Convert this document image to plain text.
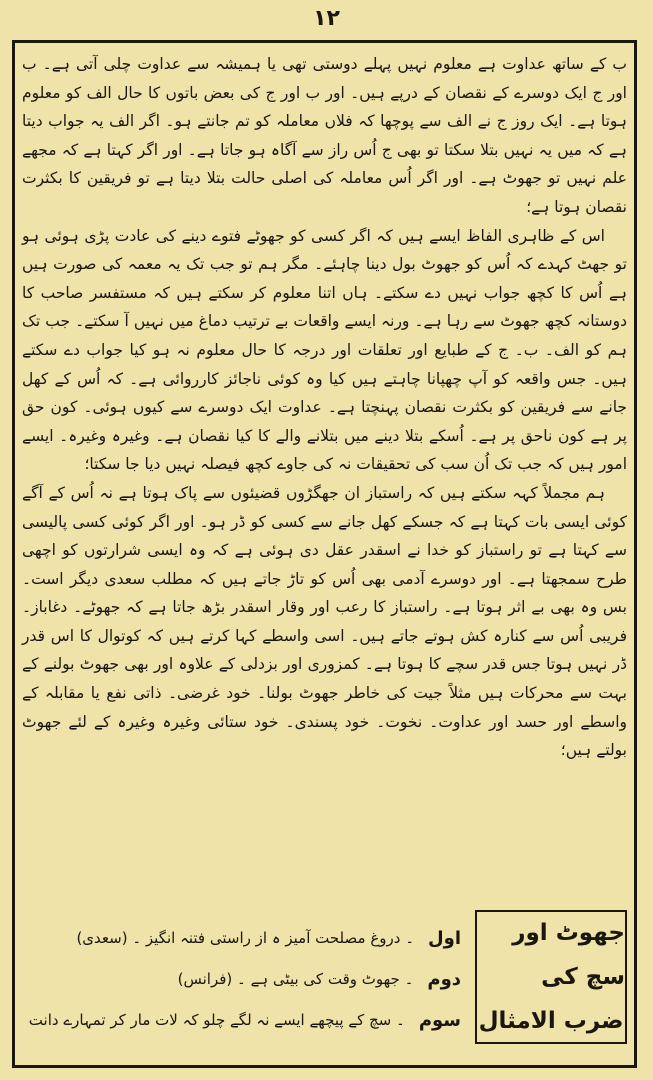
۱۲

ب کے ساتھ عداوت ہے معلوم نہیں پہلے دوستی تھی یا ہمیشہ سے عداوت چلی آتی ہے۔ ب اور ج ایک دوسرے کے نقصان کے درپے ہیں۔ اور ب اور ج کی بعض باتوں کا حال الف کو معلوم ہوتا ہے۔ ایک روز ج نے الف سے پوچھا کہ فلاں معاملہ کو تم جانتے ہو۔ اگر الف یہ جواب دیتا ہے کہ میں یہ نہیں بتلا سکتا تو بھی ج اُس راز سے آگاہ ہو جاتا ہے۔ اور اگر کہتا ہے کہ مجھے علم نہیں تو جھوٹ ہے۔ اور اگر اُس معاملہ کی اصلی حالت بتلا دیتا ہے تو فریقین کا بکثرت نقصان ہوتا ہے؛

اس کے ظاہری الفاظ ایسے ہیں کہ اگر کسی کو جھوٹے فتوے دینے کی عادت پڑی ہوئی ہو تو جھٹ کہدے کہ اُس کو جھوٹ بول دینا چاہئے۔ مگر ہم تو جب تک یہ معمہ کی صورت ہیں ہے اُس کا کچھ جواب نہیں دے سکتے۔ ہاں اتنا معلوم کر سکتے ہیں کہ مستفسر صاحب کا دوستانہ کچھ جھوٹ سے رہا ہے۔ ورنہ ایسے واقعات بے ترتیب دماغ میں نہیں آ سکتے۔ جب تک ہم کو الف۔ ب۔ ج کے طبایع اور تعلقات اور درجہ کا حال معلوم نہ ہو کیا جواب دے سکتے ہیں۔ جس واقعہ کو آپ چھپانا چاہتے ہیں کیا وہ کوئی ناجائز کارروائی ہے۔ کہ اُس کے کھل جانے سے فریقین کو بکثرت نقصان پہنچتا ہے۔ عداوت ایک دوسرے سے کیوں ہوئی۔ کون حق پر ہے کون ناحق پر ہے۔ اُسکے بتلا دینے میں بتلانے والے کا کیا نقصان ہے۔ وغیرہ وغیرہ۔ ایسے امور ہیں کہ جب تک اُن سب کی تحقیقات نہ کی جاوے کچھ فیصلہ نہیں دیا جا سکتا؛

ہم مجملاً کہہ سکتے ہیں کہ راستباز ان جھگڑوں قضیئوں سے پاک ہوتا ہے نہ اُس کے آگے کوئی ایسی بات کہتا ہے کہ جسکے کھل جانے سے کسی کو ڈر ہو۔ اور اگر کوئی کسی پالیسی سے کہتا ہے تو راستباز کو خدا نے اسقدر عقل دی ہوئی ہے کہ وہ ایسی شرارتوں کو اچھی طرح سمجھتا ہے۔ اور دوسرے آدمی بھی اُس کو تاڑ جاتے ہیں کہ مطلب سعدی دیگر است۔ بس وہ بھی بے اثر ہوتا ہے۔ راستباز کا رعب اور وقار اسقدر بڑھ جاتا ہے کہ جھوٹے۔ دغاباز۔ فریبی اُس سے کنارہ کش ہوتے جاتے ہیں۔ اسی واسطے کہا کرتے ہیں کہ کوتوال کا اس قدر ڈر نہیں ہوتا جس قدر سچے کا ہوتا ہے۔ کمزوری اور بزدلی کے علاوہ اور بھی جھوٹ بولنے کے بہت سے محرکات ہیں مثلاً جیت کی خاطر جھوٹ بولنا۔ خود غرضی۔ ذاتی نفع یا مقابلہ کے واسطے اور حسد اور عداوت۔ نخوت۔ خود پسندی۔ خود ستائی وغیرہ وغیرہ کے لئے جھوٹ بولتے ہیں؛

جھوٹ اور سچ کی
ضرب الامثال
اول
۔ دروغ مصلحت آمیز ہ از راستی فتنہ انگیز ۔ (سعدی)
دوم
۔ جھوٹ وقت کی بیٹی ہے ۔ (فرانس)
سوم
۔ سچ کے پیچھے ایسے نہ لگے چلو کہ لات مار کر تمہارے دانت
